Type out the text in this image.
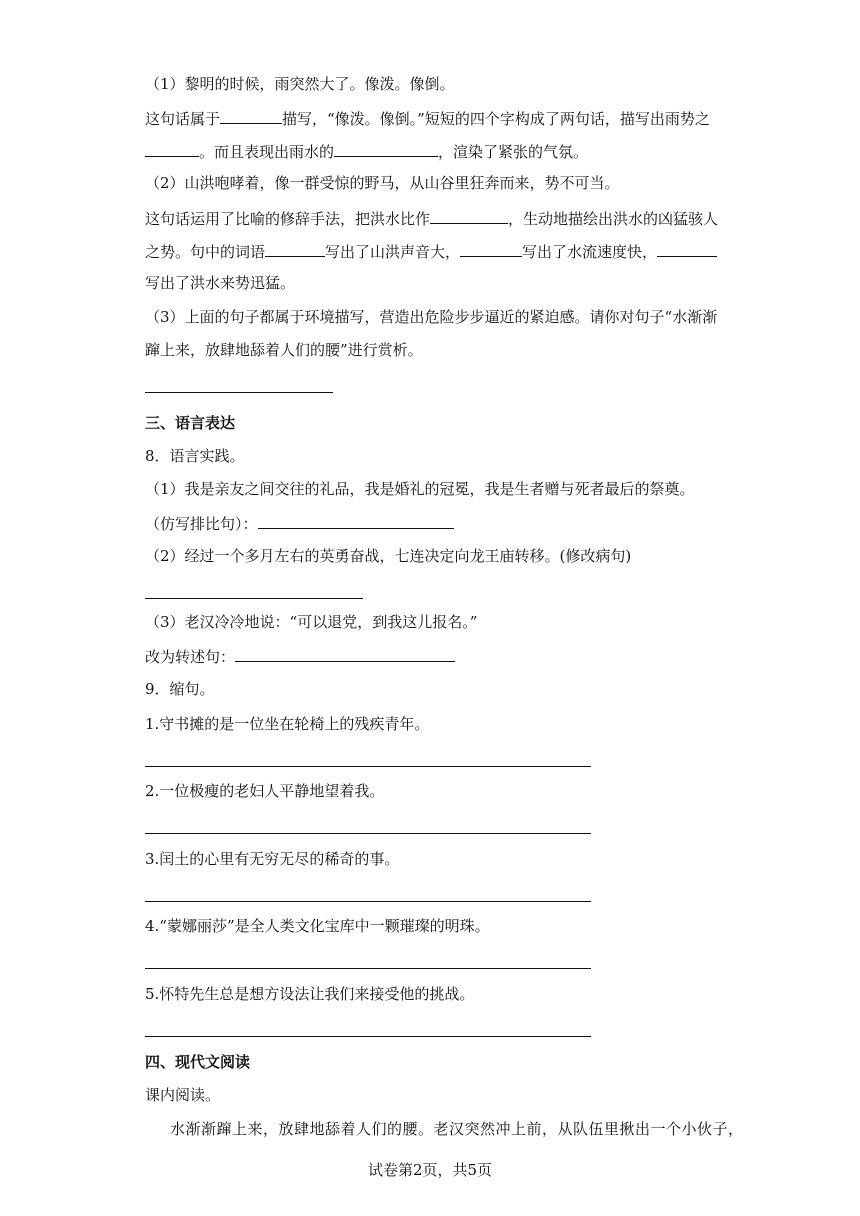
（1）黎明的时候，雨突然大了。像泼。像倒。
这句话属于	描写，“像泼。像倒。”短短的四个字构成了两句话，描写出雨势之
。而且表现出雨水的	，渲染了紧张的气氛。
（2）山洪咆哮着，像一群受惊的野马，从山谷里狂奔而来，势不可当。
这句话运用了比喻的修辞手法，把洪水比作	，生动地描绘出洪水的凶猛骇人
之势。句中的词语	写出了山洪声音大，	写出了水流速度快，
写出了洪水来势迅猛。
（3）上面的句子都属于环境描写，营造出危险步步逼近的紧迫感。请你对句子“水渐渐
蹿上来，放肆地舔着人们的腰”进行赏析。
三、语言表达
8．语言实践。
（1）我是亲友之间交往的礼品，我是婚礼的冠冕，我是生者赠与死者最后的祭奠。
（仿写排比句）：
（2）经过一个多月左右的英勇奋战，七连决定向龙王庙转移。(修改病句)
（3）老汉冷冷地说：“可以退党，到我这儿报名。”
改为转述句：
9．缩句。
1.守书摊的是一位坐在轮椅上的残疾青年。
2.一位极瘦的老妇人平静地望着我。
3.闰土的心里有无穷无尽的稀奇的事。
4.“蒙娜丽莎”是全人类文化宝库中一颗璀璨的明珠。
5.怀特先生总是想方设法让我们来接受他的挑战。
四、现代文阅读
课内阅读。
水渐渐蹿上来，放肆地舔着人们的腰。老汉突然冲上前，从队伍里揪出一个小伙子，
试卷第2页，共5页
